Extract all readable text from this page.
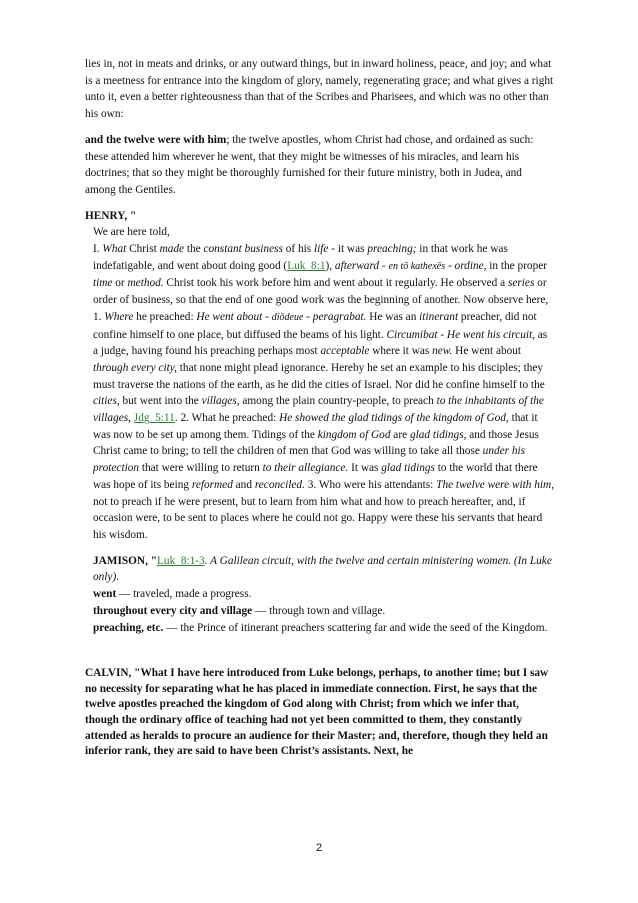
lies in, not in meats and drinks, or any outward things, but in inward holiness, peace, and joy; and what is a meetness for entrance into the kingdom of glory, namely, regenerating grace; and what gives a right unto it, even a better righteousness than that of the Scribes and Pharisees, and which was no other than his own:

and the twelve were with him; the twelve apostles, whom Christ had chose, and ordained as such: these attended him wherever he went, that they might be witnesses of his miracles, and learn his doctrines; that so they might be thoroughly furnished for their future ministry, both in Judea, and among the Gentiles.

HENRY, "

We are here told,

I. What Christ made the constant business of his life - it was preaching; in that work he was indefatigable, and went about doing good (Luk_8:1), afterward - en tō kathexēs - ordine, in the proper time or method. Christ took his work before him and went about it regularly. He observed a series or order of business, so that the end of one good work was the beginning of another. Now observe here, 1. Where he preached: He went about - diōdeue - peragrabat. He was an itinerant preacher, did not confine himself to one place, but diffused the beams of his light. Circumibat - He went his circuit, as a judge, having found his preaching perhaps most acceptable where it was new. He went about through every city, that none might plead ignorance. Hereby he set an example to his disciples; they must traverse the nations of the earth, as he did the cities of Israel. Nor did he confine himself to the cities, but went into the villages, among the plain country-people, to preach to the inhabitants of the villages, Jdg_5:11. 2. What he preached: He showed the glad tidings of the kingdom of God, that it was now to be set up among them. Tidings of the kingdom of God are glad tidings, and those Jesus Christ came to bring; to tell the children of men that God was willing to take all those under his protection that were willing to return to their allegiance. It was glad tidings to the world that there was hope of its being reformed and reconciled. 3. Who were his attendants: The twelve were with him, not to preach if he were present, but to learn from him what and how to preach hereafter, and, if occasion were, to be sent to places where he could not go. Happy were these his servants that heard his wisdom.

JAMISON, "Luk_8:1-3. A Galilean circuit, with the twelve and certain ministering women. (In Luke only).

went — traveled, made a progress.

throughout every city and village — through town and village.

preaching, etc. — the Prince of itinerant preachers scattering far and wide the seed of the Kingdom.

CALVIN, "What I have here introduced from Luke belongs, perhaps, to another time; but I saw no necessity for separating what he has placed in immediate connection. First, he says that the twelve apostles preached the kingdom of God along with Christ; from which we infer that, though the ordinary office of teaching had not yet been committed to them, they constantly attended as heralds to procure an audience for their Master; and, therefore, though they held an inferior rank, they are said to have been Christ’s assistants. Next, he

2
